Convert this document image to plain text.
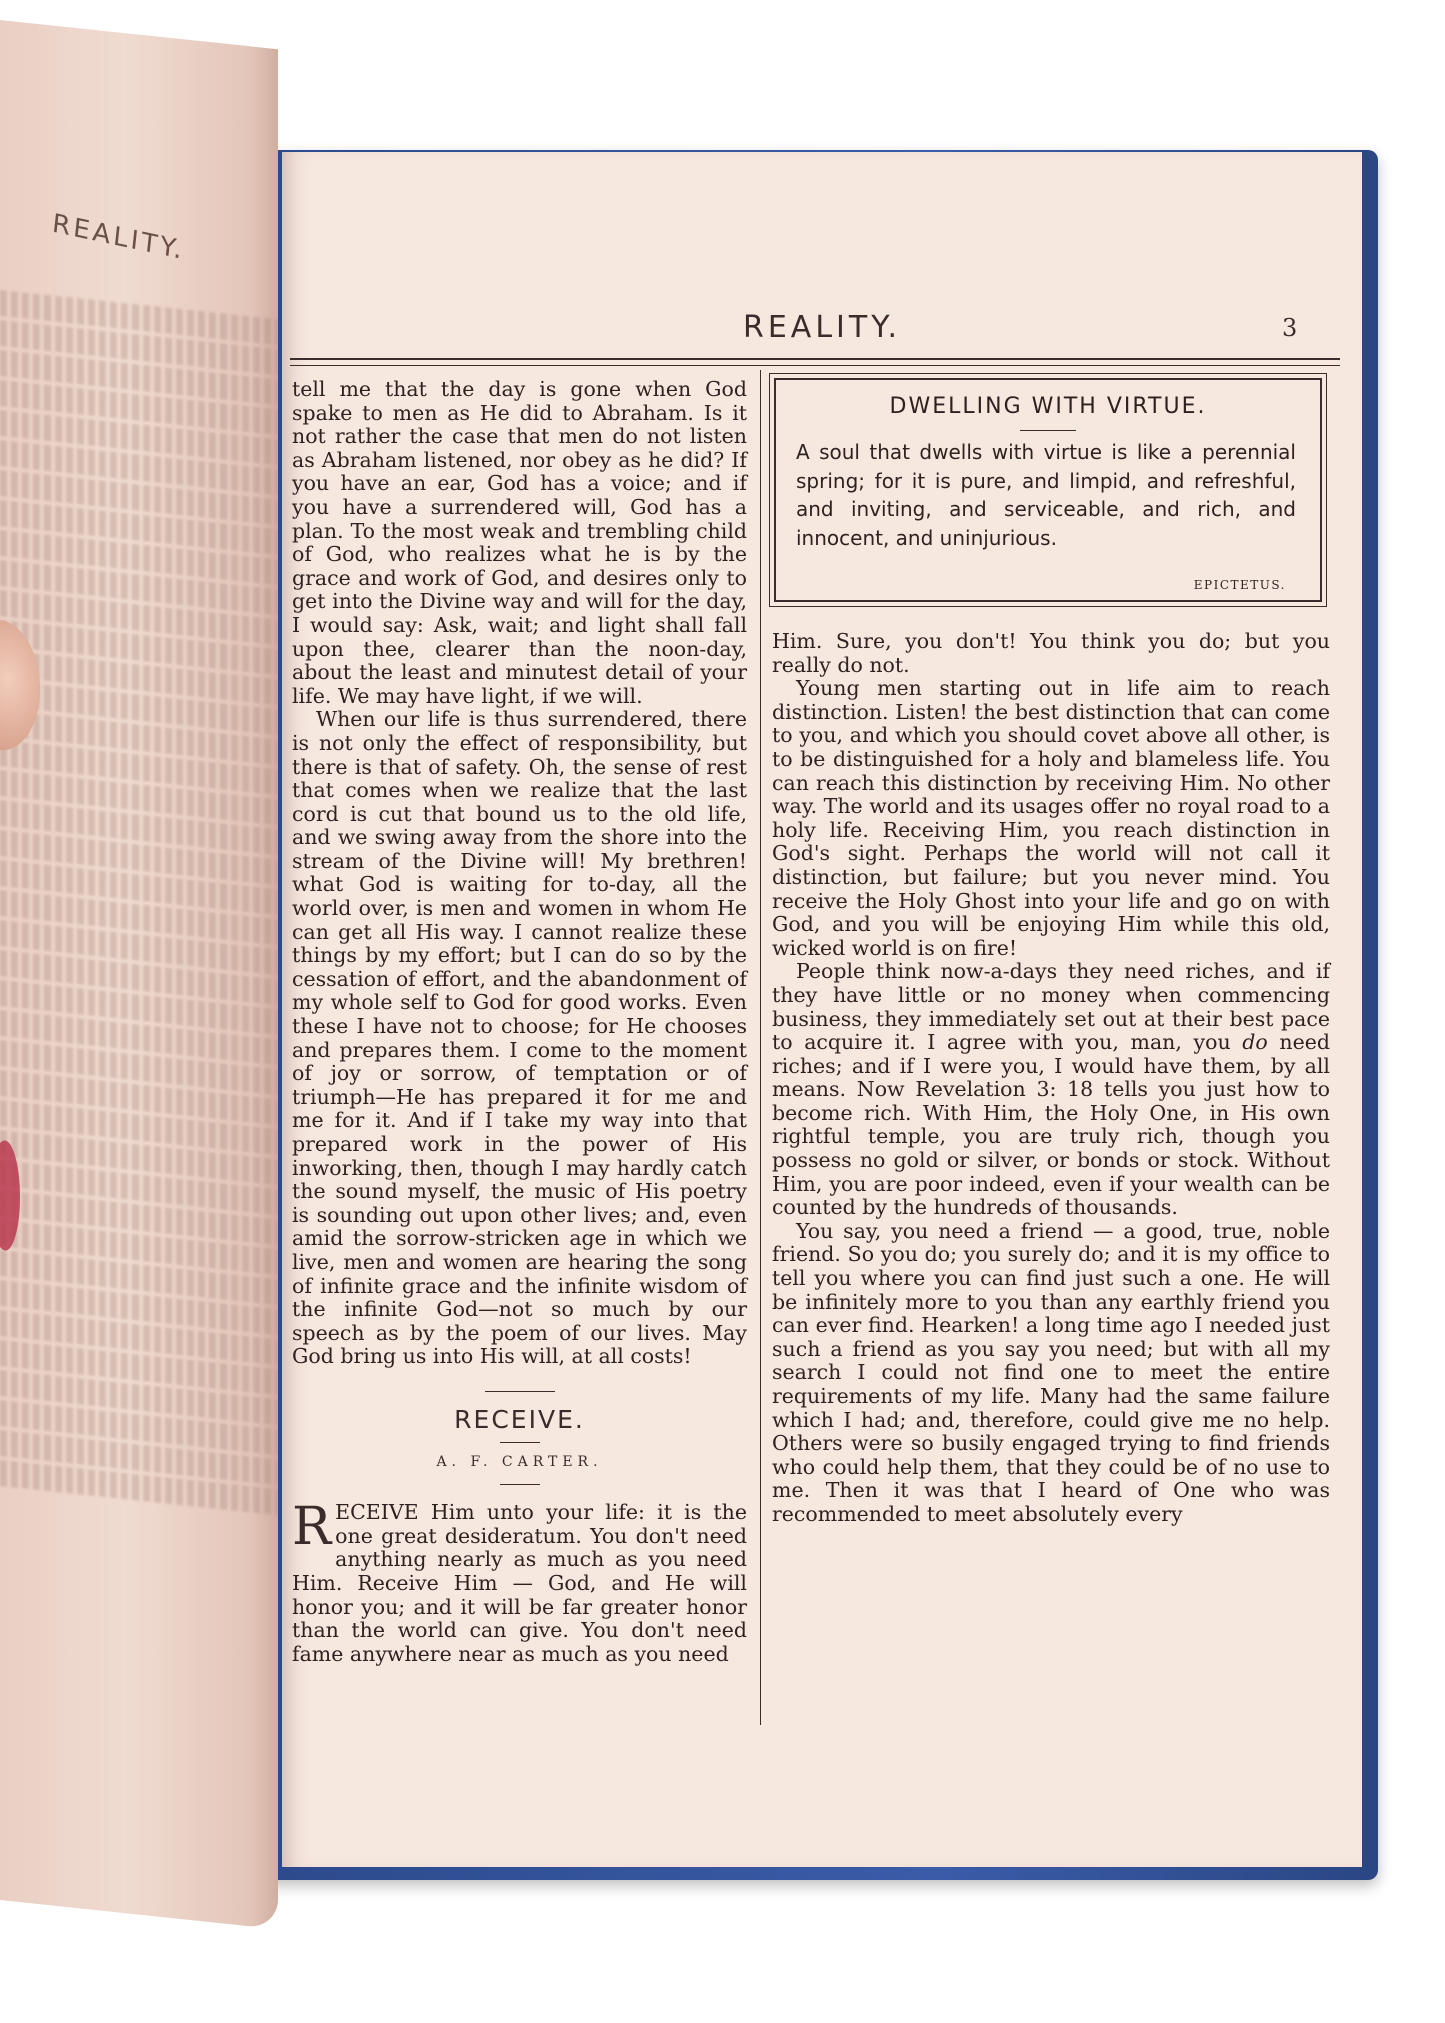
REALITY.
REALITY.	3

tell me that the day is gone when God spake to men as He did to Abraham. Is it not rather the case that men do not listen as Abraham listened, nor obey as he did? If you have an ear, God has a voice; and if you have a surrendered will, God has a plan. To the most weak and trembling child of God, who realizes what he is by the grace and work of God, and desires only to get into the Divine way and will for the day, I would say: Ask, wait; and light shall fall upon thee, clearer than the noon-day, about the least and minutest detail of your life. We may have light, if we will.

When our life is thus surrendered, there is not only the effect of responsibility, but there is that of safety. Oh, the sense of rest that comes when we realize that the last cord is cut that bound us to the old life, and we swing away from the shore into the stream of the Divine will! My brethren! what God is waiting for to-day, all the world over, is men and women in whom He can get all His way. I cannot realize these things by my effort; but I can do so by the cessation of effort, and the abandonment of my whole self to God for good works. Even these I have not to choose; for He chooses and prepares them. I come to the moment of joy or sorrow, of temptation or of triumph—He has prepared it for me and me for it. And if I take my way into that prepared work in the power of His inworking, then, though I may hardly catch the sound myself, the music of His poetry is sounding out upon other lives; and, even amid the sorrow-stricken age in which we live, men and women are hearing the song of infinite grace and the infinite wisdom of the infinite God—not so much by our speech as by the poem of our lives. May God bring us into His will, at all costs!

RECEIVE.
A. F. CARTER.

RECEIVE Him unto your life: it is the one great desideratum. You don't need anything nearly as much as you need Him. Receive Him — God, and He will honor you; and it will be far greater honor than the world can give. You don't need fame anywhere near as much as you need

DWELLING WITH VIRTUE.
A soul that dwells with virtue is like a perennial spring; for it is pure, and limpid, and refreshful, and inviting, and serviceable, and rich, and innocent, and uninjurious.
EPICTETUS.

Him. Sure, you don't! You think you do; but you really do not.

Young men starting out in life aim to reach distinction. Listen! the best distinction that can come to you, and which you should covet above all other, is to be distinguished for a holy and blameless life. You can reach this distinction by receiving Him. No other way. The world and its usages offer no royal road to a holy life. Receiving Him, you reach distinction in God's sight. Perhaps the world will not call it distinction, but failure; but you never mind. You receive the Holy Ghost into your life and go on with God, and you will be enjoying Him while this old, wicked world is on fire!

People think now-a-days they need riches, and if they have little or no money when commencing business, they immediately set out at their best pace to acquire it. I agree with you, man, you do need riches; and if I were you, I would have them, by all means. Now Revelation 3: 18 tells you just how to become rich. With Him, the Holy One, in His own rightful temple, you are truly rich, though you possess no gold or silver, or bonds or stock. Without Him, you are poor indeed, even if your wealth can be counted by the hundreds of thousands.

You say, you need a friend — a good, true, noble friend. So you do; you surely do; and it is my office to tell you where you can find just such a one. He will be infinitely more to you than any earthly friend you can ever find. Hearken! a long time ago I needed just such a friend as you say you need; but with all my search I could not find one to meet the entire requirements of my life. Many had the same failure which I had; and, therefore, could give me no help. Others were so busily engaged trying to find friends who could help them, that they could be of no use to me. Then it was that I heard of One who was recommended to meet absolutely every
